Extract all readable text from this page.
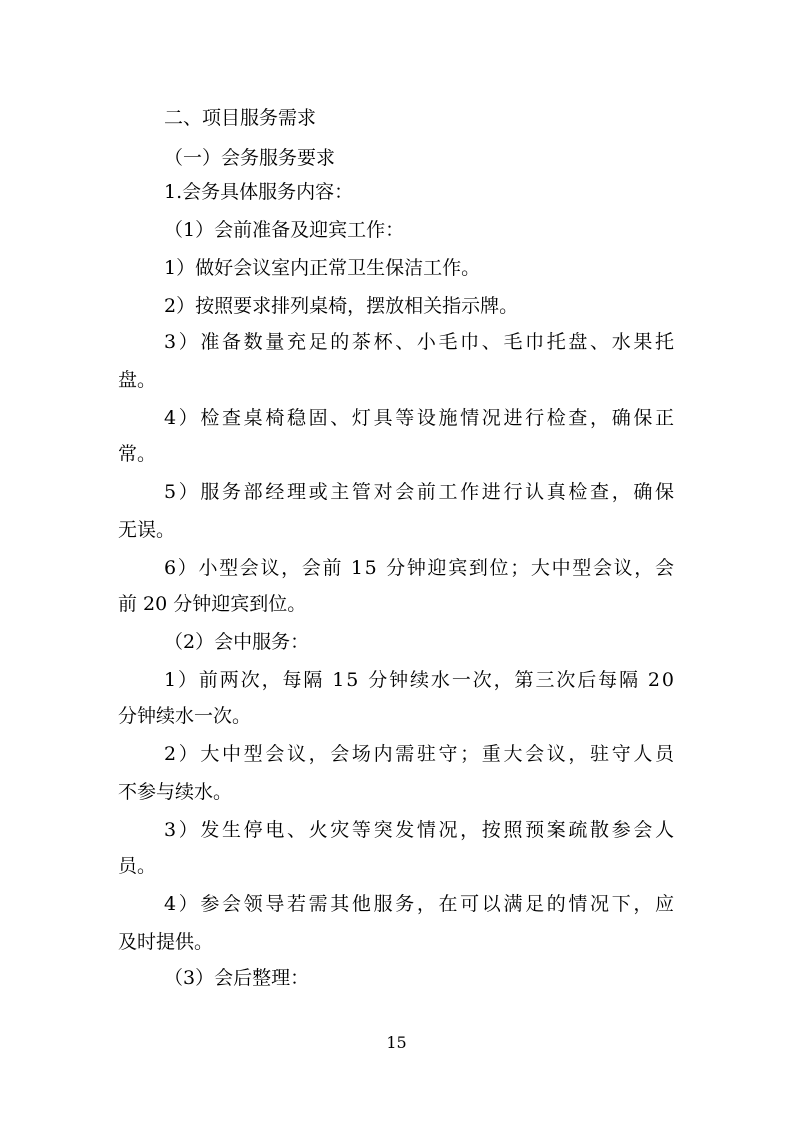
二、项目服务需求
（一）会务服务要求
1.会务具体服务内容：
（1）会前准备及迎宾工作：
1）做好会议室内正常卫生保洁工作。
2）按照要求排列桌椅，摆放相关指示牌。
3）准备数量充足的茶杯、小毛巾、毛巾托盘、水果托
盘。
4）检查桌椅稳固、灯具等设施情况进行检查，确保正
常。
5）服务部经理或主管对会前工作进行认真检查，确保
无误。
6）小型会议，会前 15 分钟迎宾到位；大中型会议，会
前 20 分钟迎宾到位。
（2）会中服务：
1）前两次，每隔 15 分钟续水一次，第三次后每隔 20
分钟续水一次。
2）大中型会议，会场内需驻守；重大会议，驻守人员
不参与续水。
3）发生停电、火灾等突发情况，按照预案疏散参会人
员。
4）参会领导若需其他服务，在可以满足的情况下，应
及时提供。
（3）会后整理：
15
